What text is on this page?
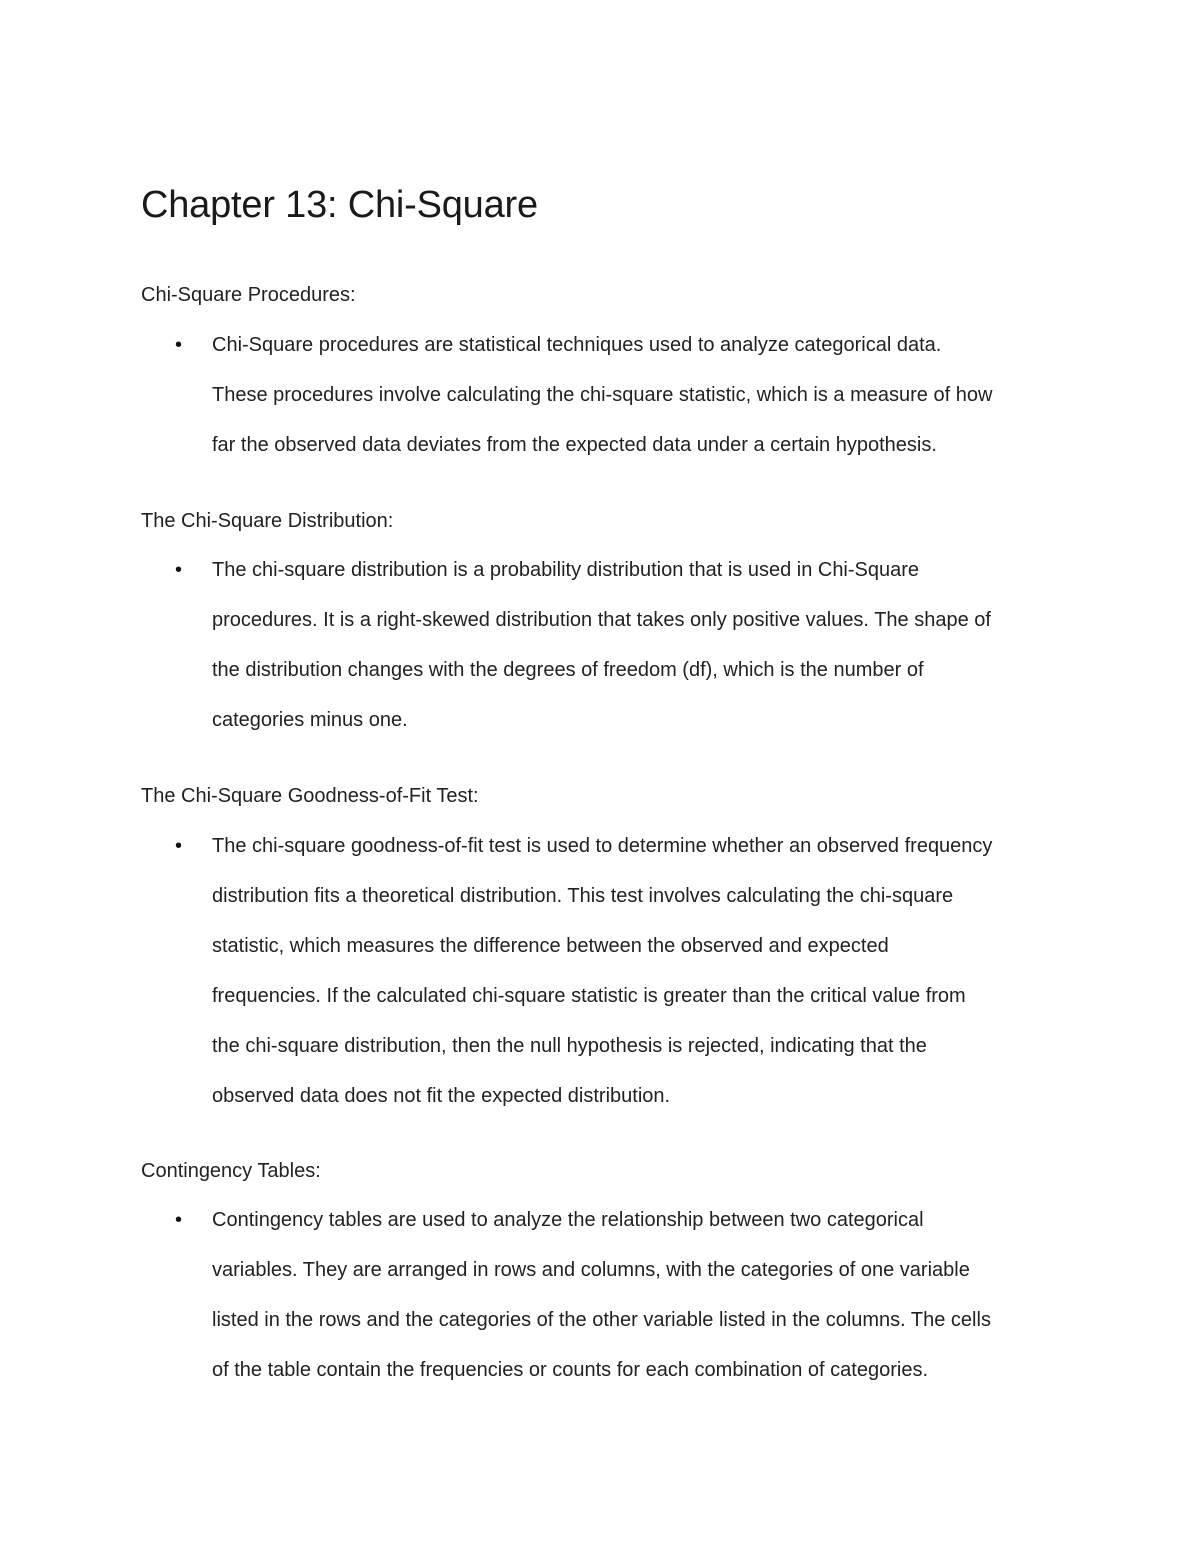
Chapter 13: Chi-Square
Chi-Square Procedures:
• Chi-Square procedures are statistical techniques used to analyze categorical data.
These procedures involve calculating the chi-square statistic, which is a measure of how
far the observed data deviates from the expected data under a certain hypothesis.

The Chi-Square Distribution:
• The chi-square distribution is a probability distribution that is used in Chi-Square
procedures. It is a right-skewed distribution that takes only positive values. The shape of
the distribution changes with the degrees of freedom (df), which is the number of
categories minus one.

The Chi-Square Goodness-of-Fit Test:
• The chi-square goodness-of-fit test is used to determine whether an observed frequency
distribution fits a theoretical distribution. This test involves calculating the chi-square
statistic, which measures the difference between the observed and expected
frequencies. If the calculated chi-square statistic is greater than the critical value from
the chi-square distribution, then the null hypothesis is rejected, indicating that the
observed data does not fit the expected distribution.

Contingency Tables:
• Contingency tables are used to analyze the relationship between two categorical
variables. They are arranged in rows and columns, with the categories of one variable
listed in the rows and the categories of the other variable listed in the columns. The cells
of the table contain the frequencies or counts for each combination of categories.
